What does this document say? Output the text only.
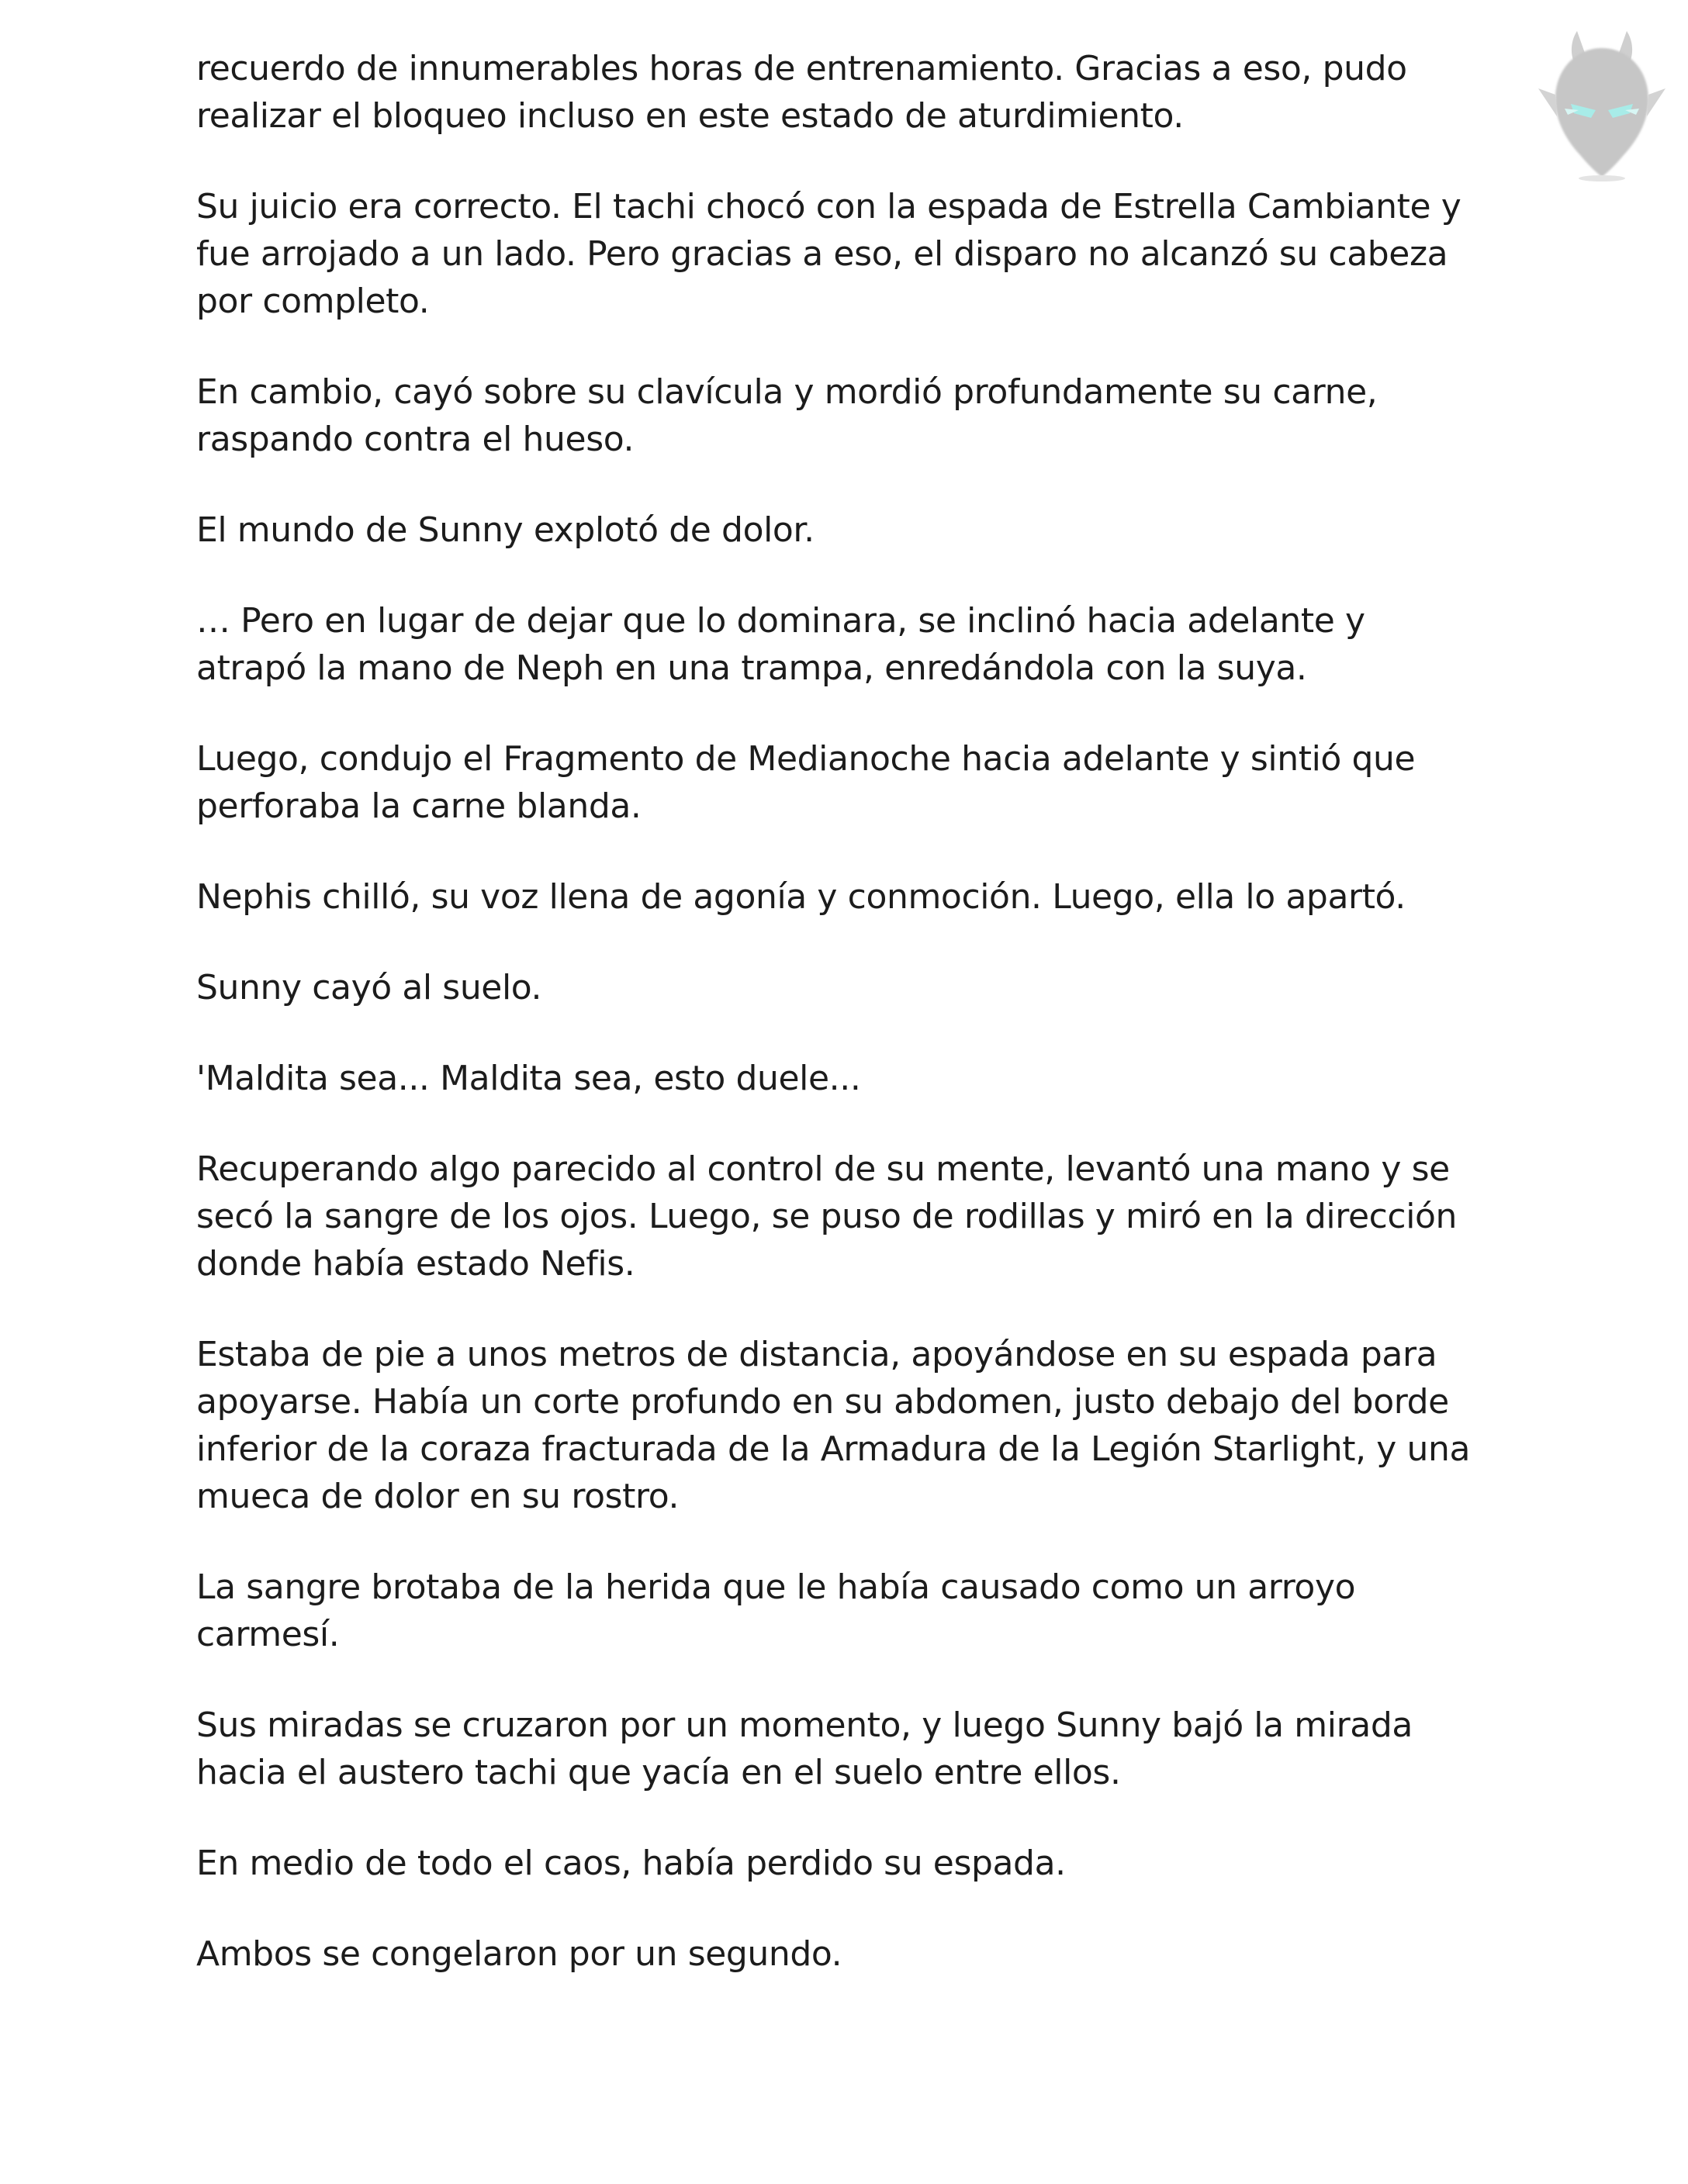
recuerdo de innumerables horas de entrenamiento. Gracias a eso, pudo realizar el bloqueo incluso en este estado de aturdimiento.

Su juicio era correcto. El tachi chocó con la espada de Estrella Cambiante y fue arrojado a un lado. Pero gracias a eso, el disparo no alcanzó su cabeza por completo.

En cambio, cayó sobre su clavícula y mordió profundamente su carne, raspando contra el hueso.

El mundo de Sunny explotó de dolor.

… Pero en lugar de dejar que lo dominara, se inclinó hacia adelante y atrapó la mano de Neph en una trampa, enredándola con la suya.

Luego, condujo el Fragmento de Medianoche hacia adelante y sintió que perforaba la carne blanda.

Nephis chilló, su voz llena de agonía y conmoción. Luego, ella lo apartó.

Sunny cayó al suelo.

'Maldita sea... Maldita sea, esto duele...

Recuperando algo parecido al control de su mente, levantó una mano y se secó la sangre de los ojos. Luego, se puso de rodillas y miró en la dirección donde había estado Nefis.

Estaba de pie a unos metros de distancia, apoyándose en su espada para apoyarse. Había un corte profundo en su abdomen, justo debajo del borde inferior de la coraza fracturada de la Armadura de la Legión Starlight, y una mueca de dolor en su rostro.

La sangre brotaba de la herida que le había causado como un arroyo carmesí.

Sus miradas se cruzaron por un momento, y luego Sunny bajó la mirada hacia el austero tachi que yacía en el suelo entre ellos.

En medio de todo el caos, había perdido su espada.

Ambos se congelaron por un segundo.
